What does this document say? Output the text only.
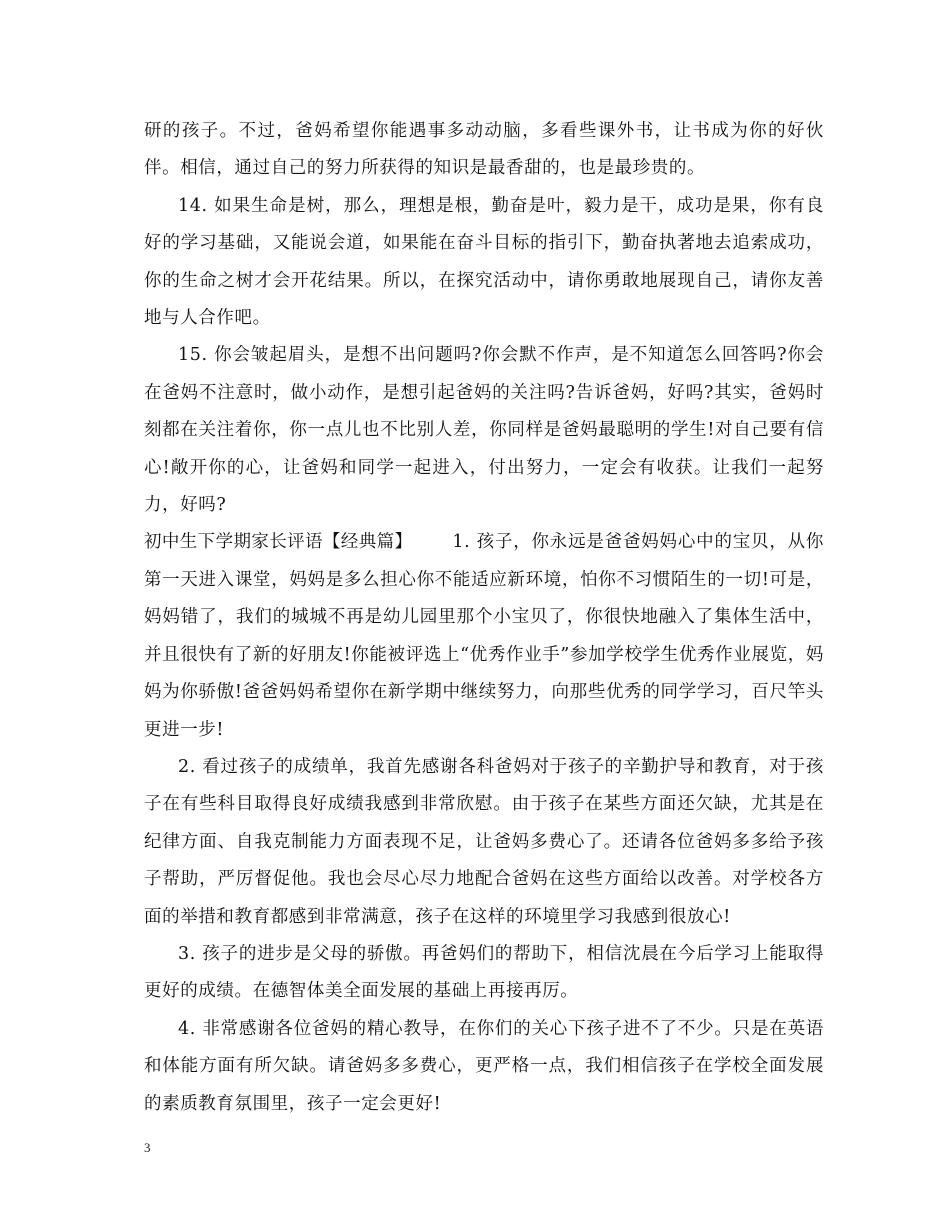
研的孩子。不过，爸妈希望你能遇事多动动脑，多看些课外书，让书成为你的好伙伴。相信，通过自己的努力所获得的知识是最香甜的，也是最珍贵的。

14. 如果生命是树，那么，理想是根，勤奋是叶，毅力是干，成功是果，你有良好的学习基础，又能说会道，如果能在奋斗目标的指引下，勤奋执著地去追索成功，你的生命之树才会开花结果。所以，在探究活动中，请你勇敢地展现自己，请你友善地与人合作吧。

15. 你会皱起眉头，是想不出问题吗?你会默不作声，是不知道怎么回答吗?你会在爸妈不注意时，做小动作，是想引起爸妈的关注吗?告诉爸妈，好吗?其实，爸妈时刻都在关注着你，你一点儿也不比别人差，你同样是爸妈最聪明的学生!对自己要有信心!敞开你的心，让爸妈和同学一起进入，付出努力，一定会有收获。让我们一起努力，好吗?

初中生下学期家长评语【经典篇】 1. 孩子，你永远是爸爸妈妈心中的宝贝，从你第一天进入课堂，妈妈是多么担心你不能适应新环境，怕你不习惯陌生的一切!可是，妈妈错了，我们的城城不再是幼儿园里那个小宝贝了，你很快地融入了集体生活中，并且很快有了新的好朋友!你能被评选上“优秀作业手”参加学校学生优秀作业展览，妈妈为你骄傲!爸爸妈妈希望你在新学期中继续努力，向那些优秀的同学学习，百尺竿头更进一步!

2. 看过孩子的成绩单，我首先感谢各科爸妈对于孩子的辛勤护导和教育，对于孩子在有些科目取得良好成绩我感到非常欣慰。由于孩子在某些方面还欠缺，尤其是在纪律方面、自我克制能力方面表现不足，让爸妈多费心了。还请各位爸妈多多给予孩子帮助，严厉督促他。我也会尽心尽力地配合爸妈在这些方面给以改善。对学校各方面的举措和教育都感到非常满意，孩子在这样的环境里学习我感到很放心!

3. 孩子的进步是父母的骄傲。再爸妈们的帮助下，相信沈晨在今后学习上能取得更好的成绩。在德智体美全面发展的基础上再接再厉。

4. 非常感谢各位爸妈的精心教导，在你们的关心下孩子进不了不少。只是在英语和体能方面有所欠缺。请爸妈多多费心，更严格一点，我们相信孩子在学校全面发展的素质教育氛围里，孩子一定会更好!

3
